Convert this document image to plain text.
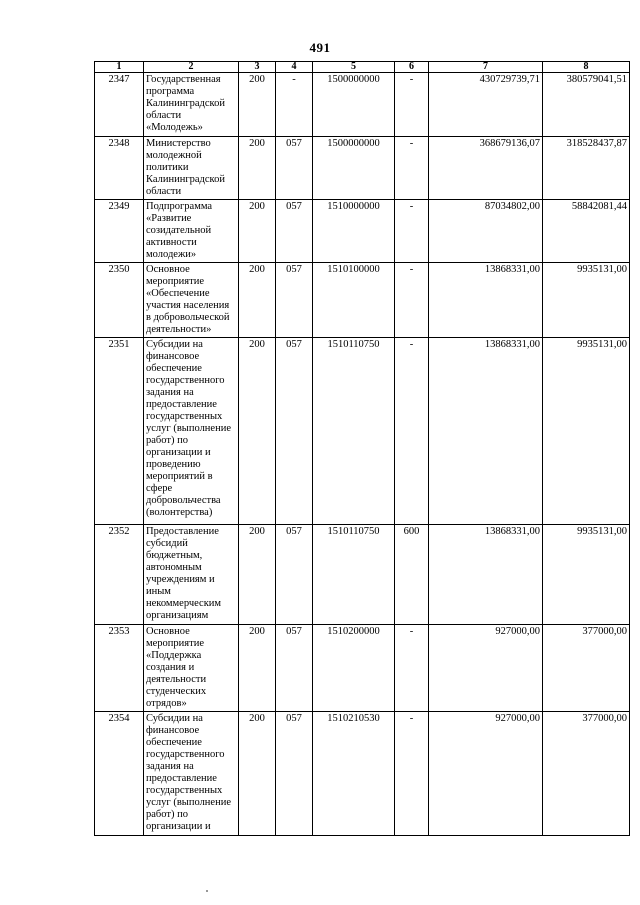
491
1	2	3	4	5	6	7	8
2347	Государственная программа Калининградской области «Молодежь»	200	-	1500000000	-	430729739,71	380579041,51
2348	Министерство молодежной политики Калининградской области	200	057	1500000000	-	368679136,07	318528437,87
2349	Подпрограмма «Развитие созидательной активности молодежи»	200	057	1510000000	-	87034802,00	58842081,44
2350	Основное мероприятие «Обеспечение участия населения в добровольческой деятельности»	200	057	1510100000	-	13868331,00	9935131,00
2351	Субсидии на финансовое обеспечение государственного задания на предоставление государственных услуг (выполнение работ) по организации и проведению мероприятий в сфере добровольчества (волонтерства)	200	057	1510110750	-	13868331,00	9935131,00
2352	Предоставление субсидий бюджетным, автономным учреждениям и иным некоммерческим организациям	200	057	1510110750	600	13868331,00	9935131,00
2353	Основное мероприятие «Поддержка создания и деятельности студенческих отрядов»	200	057	1510200000	-	927000,00	377000,00
2354	Субсидии на финансовое обеспечение государственного задания на предоставление государственных услуг (выполнение работ) по организации и	200	057	1510210530	-	927000,00	377000,00
